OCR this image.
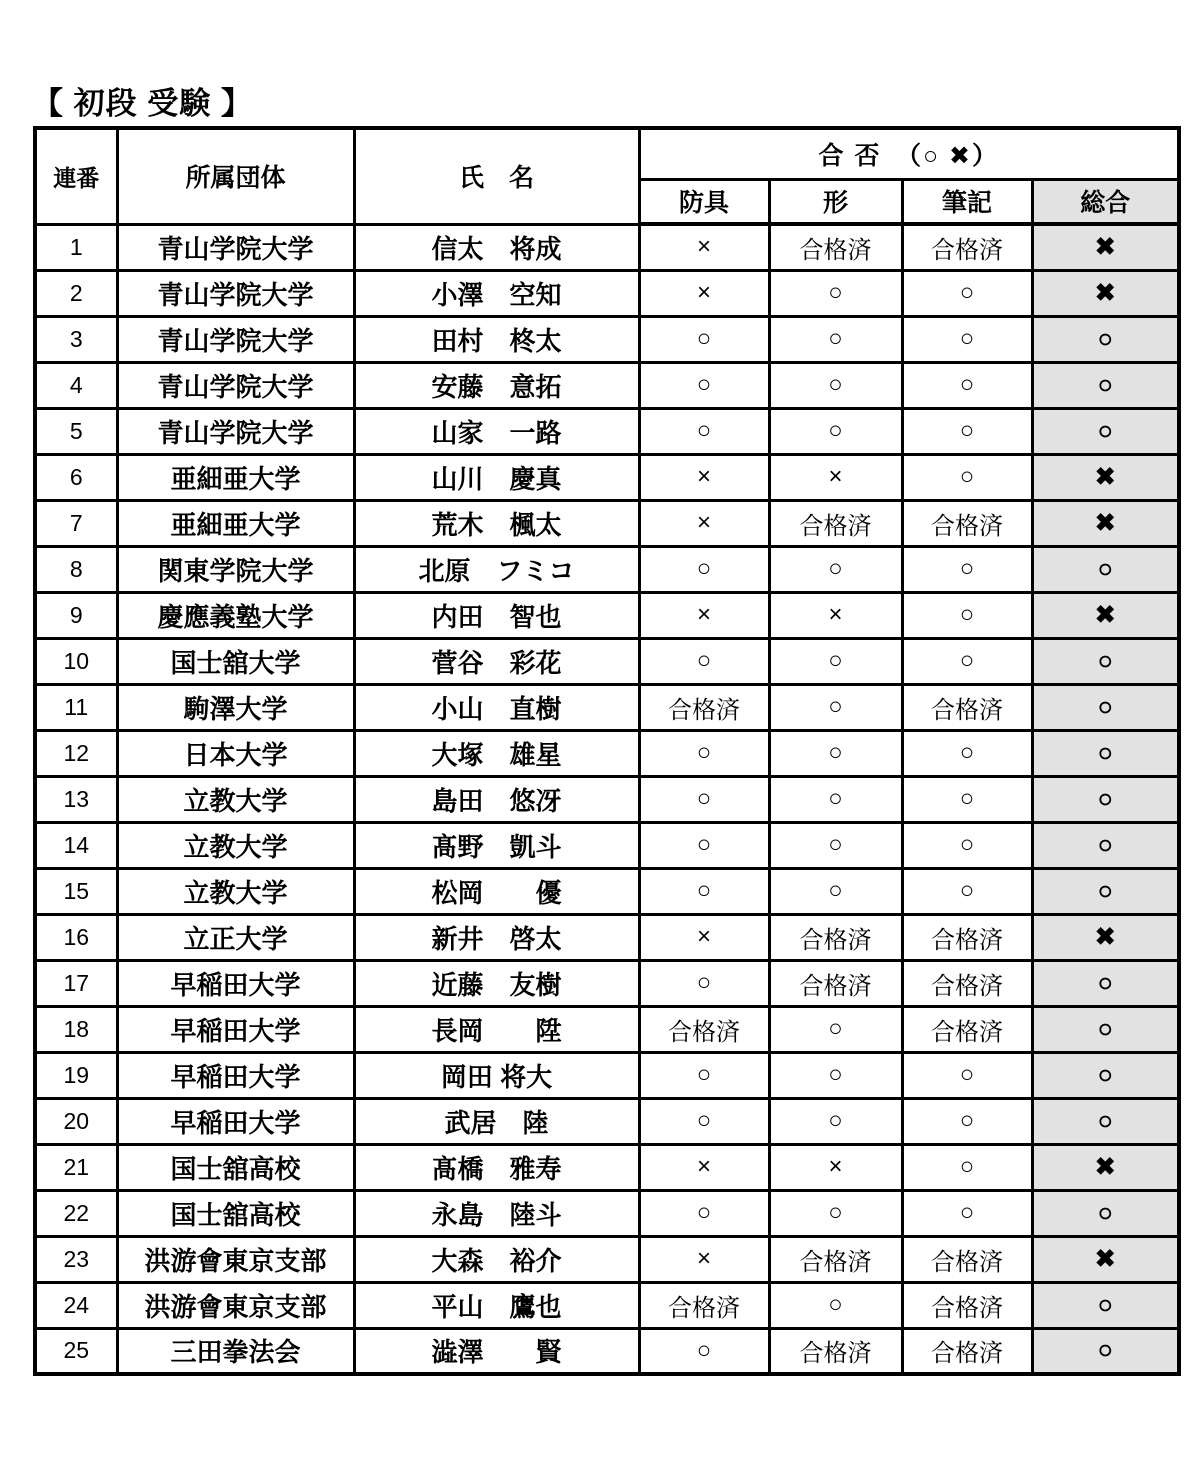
【 初段 受験 】
連番	所属団体	氏　名	合 否　（○ ✖）			
			防具	形	筆記	総合
1	青山学院大学	信太　将成	×	合格済	合格済	✖
2	青山学院大学	小澤　空知	×	○	○	✖
3	青山学院大学	田村　柊太	○	○	○	○
4	青山学院大学	安藤　意拓	○	○	○	○
5	青山学院大学	山家　一路	○	○	○	○
6	亜細亜大学	山川　慶真	×	×	○	✖
7	亜細亜大学	荒木　楓太	×	合格済	合格済	✖
8	関東学院大学	北原　フミコ	○	○	○	○
9	慶應義塾大学	内田　智也	×	×	○	✖
10	国士舘大学	菅谷　彩花	○	○	○	○
11	駒澤大学	小山　直樹	合格済	○	合格済	○
12	日本大学	大塚　雄星	○	○	○	○
13	立教大学	島田　悠冴	○	○	○	○
14	立教大学	髙野　凱斗	○	○	○	○
15	立教大学	松岡　　優	○	○	○	○
16	立正大学	新井　啓太	×	合格済	合格済	✖
17	早稲田大学	近藤　友樹	○	合格済	合格済	○
18	早稲田大学	長岡　　陞	合格済	○	合格済	○
19	早稲田大学	岡田 将大	○	○	○	○
20	早稲田大学	武居　陸	○	○	○	○
21	国士舘高校	髙橋　雅寿	×	×	○	✖
22	国士舘高校	永島　陸斗	○	○	○	○
23	洪游會東京支部	大森　裕介	×	合格済	合格済	✖
24	洪游會東京支部	平山　鷹也	合格済	○	合格済	○
25	三田拳法会	澁澤　　賢	○	合格済	合格済	○
